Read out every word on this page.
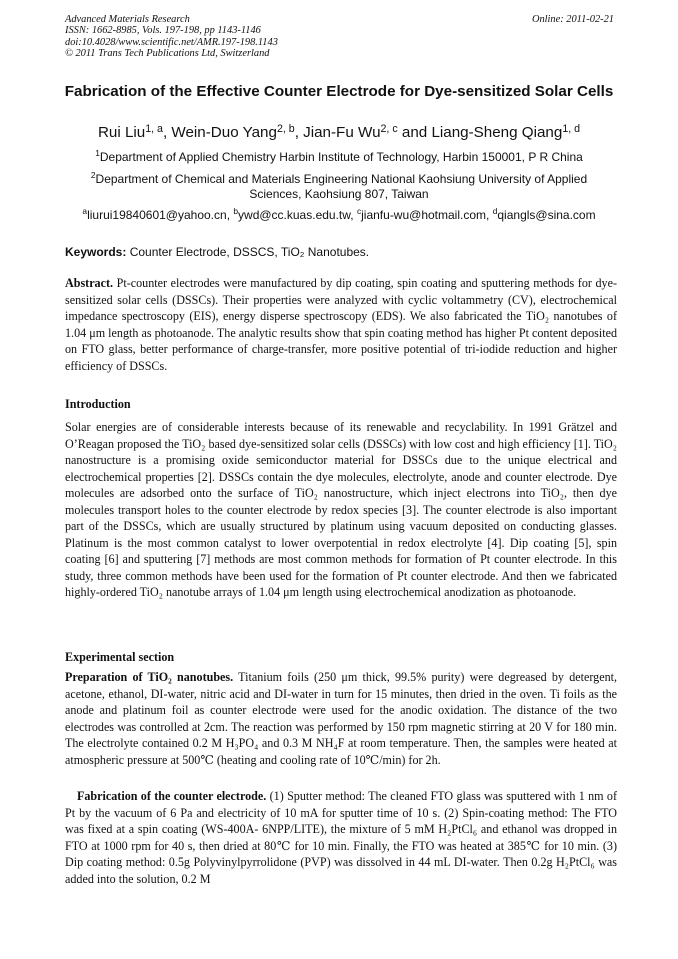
Advanced Materials Research
ISSN: 1662-8985, Vols. 197-198, pp 1143-1146
doi:10.4028/www.scientific.net/AMR.197-198.1143
© 2011 Trans Tech Publications Ltd, Switzerland
Online: 2011-02-21
Fabrication of the Effective Counter Electrode for Dye-sensitized Solar Cells
Rui Liu$^{1, a}$, Wein-Duo Yang$^{2, b}$, Jian-Fu Wu$^{2, c}$ and Liang-Sheng Qiang$^{1, d}$
$^1$Department of Applied Chemistry Harbin Institute of Technology, Harbin 150001, P R China
$^2$Department of Chemical and Materials Engineering National Kaohsiung University of Applied Sciences, Kaohsiung 807, Taiwan
$^a$liurui19840601@yahoo.cn, $^b$ywd@cc.kuas.edu.tw, $^c$jianfu-wu@hotmail.com, $^d$qiangls@sina.com
Keywords: Counter Electrode, DSSCS, TiO₂ Nanotubes.
Abstract. Pt-counter electrodes were manufactured by dip coating, spin coating and sputtering methods for dye-sensitized solar cells (DSSCs). Their properties were analyzed with cyclic voltammetry (CV), electrochemical impedance spectroscopy (EIS), energy disperse spectroscopy (EDS). We also fabricated the TiO₂ nanotubes of 1.04 μm length as photoanode. The analytic results show that spin coating method has higher Pt content deposited on FTO glass, better performance of charge-transfer, more positive potential of tri-iodide reduction and higher efficiency of DSSCs.
Introduction
Solar energies are of considerable interests because of its renewable and recyclability. In 1991 Grätzel and O’Reagan proposed the TiO₂ based dye-sensitized solar cells (DSSCs) with low cost and high efficiency [1]. TiO₂ nanostructure is a promising oxide semiconductor material for DSSCs due to the unique electrical and electrochemical properties [2]. DSSCs contain the dye molecules, electrolyte, anode and counter electrode. Dye molecules are adsorbed onto the surface of TiO₂ nanostructure, which inject electrons into TiO₂, then dye molecules transport holes to the counter electrode by redox species [3]. The counter electrode is also important part of the DSSCs, which are usually structured by platinum using vacuum deposited on conducting glasses. Platinum is the most common catalyst to lower overpotential in redox electrolyte [4]. Dip coating [5], spin coating [6] and sputtering [7] methods are most common methods for formation of Pt counter electrode. In this study, three common methods have been used for the formation of Pt counter electrode. And then we fabricated highly-ordered TiO₂ nanotube arrays of 1.04 μm length using electrochemical anodization as photoanode.
Experimental section
Preparation of TiO₂ nanotubes. Titanium foils (250 μm thick, 99.5% purity) were degreased by detergent, acetone, ethanol, DI-water, nitric acid and DI-water in turn for 15 minutes, then dried in the oven. Ti foils as the anode and platinum foil as counter electrode were used for the anodic oxidation. The distance of the two electrodes was controlled at 2cm. The reaction was performed by 150 rpm magnetic stirring at 20 V for 180 min. The electrolyte contained 0.2 M H₃PO₄ and 0.3 M NH₄F at room temperature. Then, the samples were heated at atmospheric pressure at 500℃ (heating and cooling rate of 10℃/min) for 2h.
Fabrication of the counter electrode. (1) Sputter method: The cleaned FTO glass was sputtered with 1 nm of Pt by the vacuum of 6 Pa and electricity of 10 mA for sputter time of 10 s. (2) Spin-coating method: The FTO was fixed at a spin coating (WS-400A- 6NPP/LITE), the mixture of 5 mM H₂PtCl₆ and ethanol was dropped in FTO at 1000 rpm for 40 s, then dried at 80℃ for 10 min. Finally, the FTO was heated at 385℃ for 10 min. (3) Dip coating method: 0.5g Polyvinylpyrrolidone (PVP) was dissolved in 44 mL DI-water. Then 0.2g H₂PtCl₆ was added into the solution, 0.2 M
